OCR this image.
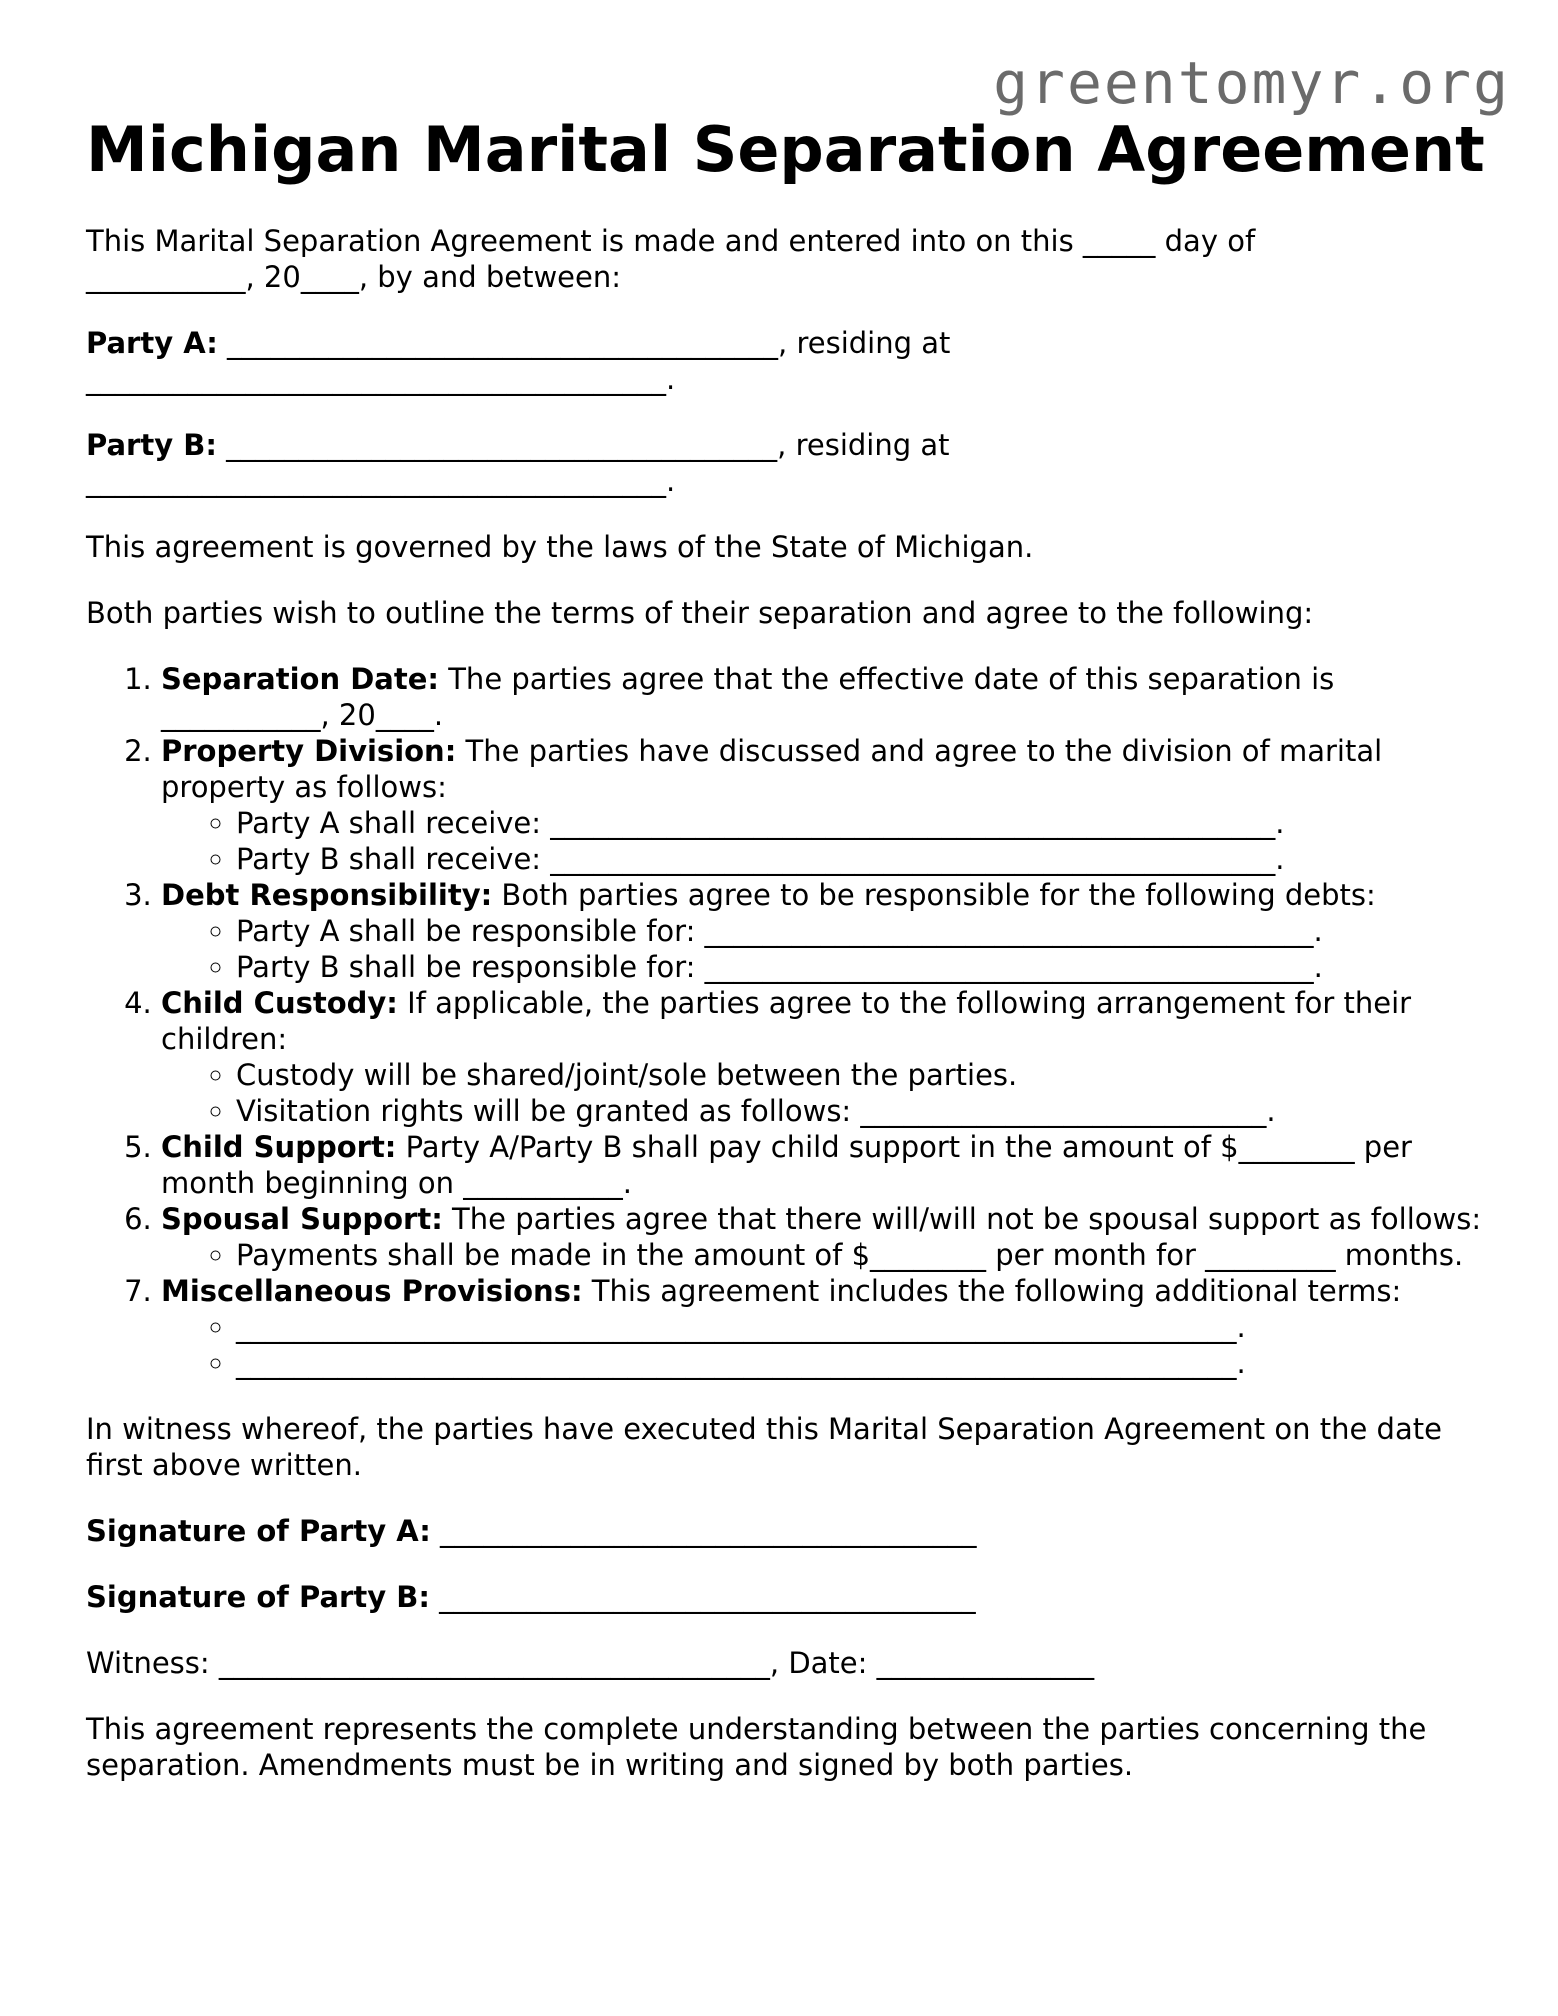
greentomyr.org
Michigan Marital Separation Agreement

This Marital Separation Agreement is made and entered into on this _____ day of
___________, 20____, by and between:

Party A: ______________________________________, residing at
________________________________________.

Party B: ______________________________________, residing at
________________________________________.

This agreement is governed by the laws of the State of Michigan.

Both parties wish to outline the terms of their separation and agree to the following:

1. Separation Date: The parties agree that the effective date of this separation is ___________, 20____.
2. Property Division: The parties have discussed and agree to the division of marital property as follows:
◦ Party A shall receive: __________________________________________________.
◦ Party B shall receive: __________________________________________________.
3. Debt Responsibility: Both parties agree to be responsible for the following debts:
◦ Party A shall be responsible for: __________________________________________.
◦ Party B shall be responsible for: __________________________________________.
4. Child Custody: If applicable, the parties agree to the following arrangement for their children:
◦ Custody will be shared/joint/sole between the parties.
◦ Visitation rights will be granted as follows: ____________________________.
5. Child Support: Party A/Party B shall pay child support in the amount of $________ per month beginning on ___________.
6. Spousal Support: The parties agree that there will/will not be spousal support as follows:
◦ Payments shall be made in the amount of $________ per month for _________ months.
7. Miscellaneous Provisions: This agreement includes the following additional terms:
◦ _____________________________________________________________________.
◦ _____________________________________________________________________.

In witness whereof, the parties have executed this Marital Separation Agreement on the date first above written.

Signature of Party A: _____________________________________

Signature of Party B: _____________________________________

Witness: ______________________________________, Date: _______________

This agreement represents the complete understanding between the parties concerning the separation. Amendments must be in writing and signed by both parties.
